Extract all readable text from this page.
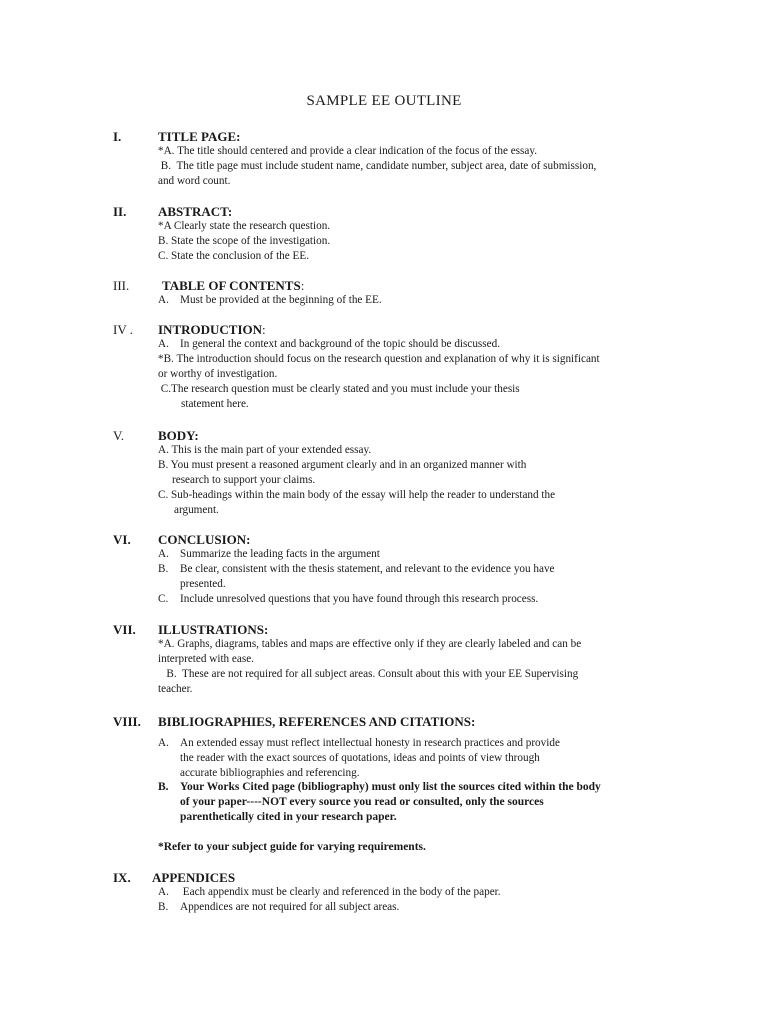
SAMPLE EE OUTLINE
I.	TITLE PAGE:
*A. The title should centered and provide a clear indication of the focus of the essay.
B.  The title page must include student name, candidate number, subject area, date of submission,
and word count.
II. ABSTRACT:
*A Clearly state the research question.
B. State the scope of the investigation.
C. State the conclusion of the EE.
III.	TABLE OF CONTENTS:
A. Must be provided at the beginning of the EE.
IV . INTRODUCTION:
A. In general the context and background of the topic should be discussed.
*B. The introduction should focus on the research question and explanation of why it is significant
or worthy of investigation.
C.The research question must be clearly stated and you must include your thesis
statement here.
V.	BODY:
A. This is the main part of your extended essay.
B. You must present a reasoned argument clearly and in an organized manner with
research to support your claims.
C. Sub-headings within the main body of the essay will help the reader to understand the
argument.
VI. CONCLUSION:
A. Summarize the leading facts in the argument
B. Be clear, consistent with the thesis statement, and relevant to the evidence you have
presented.
C. Include unresolved questions that you have found through this research process.
VII. ILLUSTRATIONS:
*A. Graphs, diagrams, tables and maps are effective only if they are clearly labeled and can be
interpreted with ease.
B.  These are not required for all subject areas. Consult about this with your EE Supervising
teacher.
VIII. BIBLIOGRAPHIES, REFERENCES AND CITATIONS:
A. An extended essay must reflect intellectual honesty in research practices and provide
the reader with the exact sources of quotations, ideas and points of view through
accurate bibliographies and referencing.
B. Your Works Cited page (bibliography) must only list the sources cited within the body
of your paper----NOT every source you read or consulted, only the sources
parenthetically cited in your research paper.
*Refer to your subject guide for varying requirements.
IX. APPENDICES
A. Each appendix must be clearly and referenced in the body of the paper.
B. Appendices are not required for all subject areas.
